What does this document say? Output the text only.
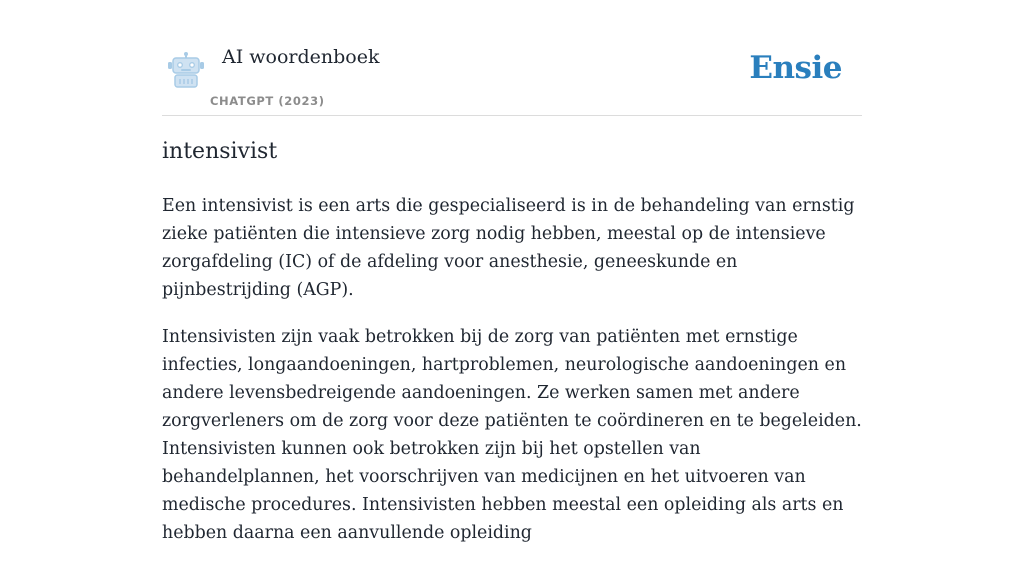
AI woordenboek
CHATGPT (2023)
Ensie
intensivist

Een intensivist is een arts die gespecialiseerd is in de behandeling van ernstig zieke patiënten die intensieve zorg nodig hebben, meestal op de intensieve zorgafdeling (IC) of de afdeling voor anesthesie, geneeskunde en pijnbestrijding (AGP).

Intensivisten zijn vaak betrokken bij de zorg van patiënten met ernstige infecties, longaandoeningen, hartproblemen, neurologische aandoeningen en andere levensbedreigende aandoeningen. Ze werken samen met andere zorgverleners om de zorg voor deze patiënten te coördineren en te begeleiden. Intensivisten kunnen ook betrokken zijn bij het opstellen van behandelplannen, het voorschrijven van medicijnen en het uitvoeren van medische procedures. Intensivisten hebben meestal een opleiding als arts en hebben daarna een aanvullende opleiding
